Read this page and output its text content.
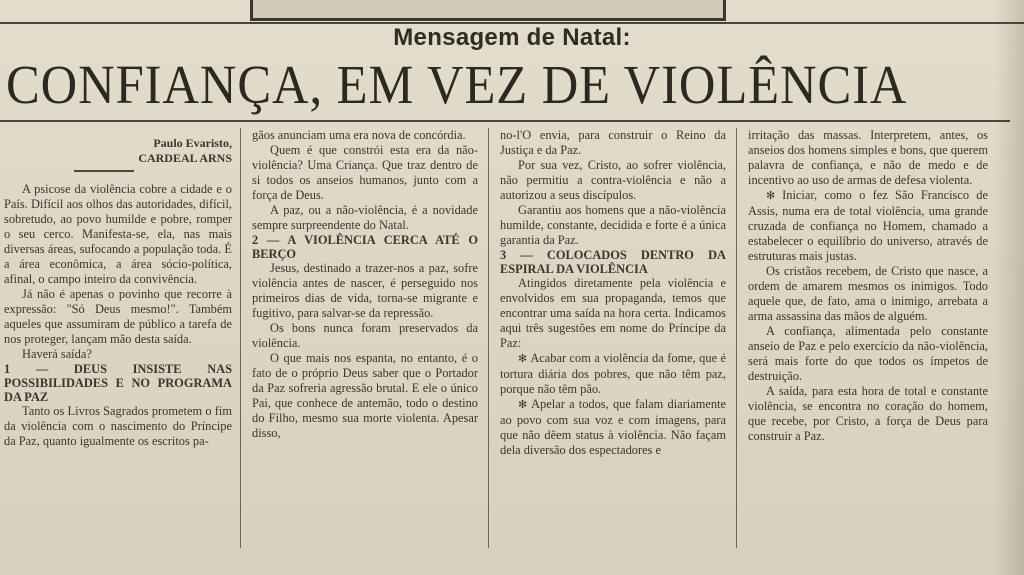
Mensagem de Natal:
CONFIANÇA, EM VEZ DE VIOLÊNCIA
Paulo Evaristo,
CARDEAL ARNS

A psicose da violência cobre a cidade e o País. Difícil aos olhos das autoridades, difícil, sobretudo, ao povo humilde e pobre, romper o seu cerco. Manifesta-se, ela, nas mais diversas áreas, sufocando a população toda. É a área econômica, a área sócio-política, afinal, o campo inteiro da convivência.

Já não é apenas o povinho que recorre à expressão: "Só Deus mesmo!". Também aqueles que assumiram de público a tarefa de nos proteger, lançam mão desta saída.

Haverá saída?

1 — DEUS INSISTE NAS POSSIBILIDADES E NO PROGRAMA DA PAZ

Tanto os Livros Sagrados prometem o fim da violência com o nascimento do Príncipe da Paz, quanto igualmente os escritos pa-

gãos anunciam uma era nova de concórdia.

Quem é que constrói esta era da não-violência? Uma Criança. Que traz dentro de si todos os anseios humanos, junto com a força de Deus.

A paz, ou a não-violência, é a novidade sempre surpreendente do Natal.

2 — A VIOLÊNCIA CERCA ATÉ O BERÇO

Jesus, destinado a trazer-nos a paz, sofre violência antes de nascer, é perseguido nos primeiros dias de vida, torna-se migrante e fugitivo, para salvar-se da repressão.

Os bons nunca foram preservados da violência.

O que mais nos espanta, no entanto, é o fato de o próprio Deus saber que o Portador da Paz sofreria agressão brutal. E ele o único Pai, que conhece de antemão, todo o destino do Filho, mesmo sua morte violenta. Apesar disso,

no-l'O envia, para construir o Reino da Justiça e da Paz.

Por sua vez, Cristo, ao sofrer violência, não permitiu a contra-violência e não a autorizou a seus discípulos.

Garantiu aos homens que a não-violência humilde, constante, decidida e forte é a única garantia da Paz.

3 — COLOCADOS DENTRO DA ESPIRAL DA VIOLÊNCIA

Atingidos diretamente pela violência e envolvidos em sua propaganda, temos que encontrar uma saída na hora certa. Indicamos aqui três sugestões em nome do Príncipe da Paz:

✻ Acabar com a violência da fome, que é tortura diária dos pobres, que não têm paz, porque não têm pão.

✻ Apelar a todos, que falam diariamente ao povo com sua voz e com imagens, para que não dêem status à violência. Não façam dela diversão dos espectadores e

irritação das massas. Interpretem, antes, os anseios dos homens simples e bons, que querem palavra de confiança, e não de medo e de incentivo ao uso de armas de defesa violenta.

✻ Iniciar, como o fez São Francisco de Assis, numa era de total violência, uma grande cruzada de confiança no Homem, chamado a estabelecer o equilíbrio do universo, através de estruturas mais justas.

Os cristãos recebem, de Cristo que nasce, a ordem de amarem mesmos os inimigos. Todo aquele que, de fato, ama o inimigo, arrebata a arma assassina das mãos de alguém.

A confiança, alimentada pelo constante anseio de Paz e pelo exercício da não-violência, será mais forte do que todos os ímpetos de destruição.

A saída, para esta hora de total e constante violência, se encontra no coração do homem, que recebe, por Cristo, a força de Deus para construir a Paz.
